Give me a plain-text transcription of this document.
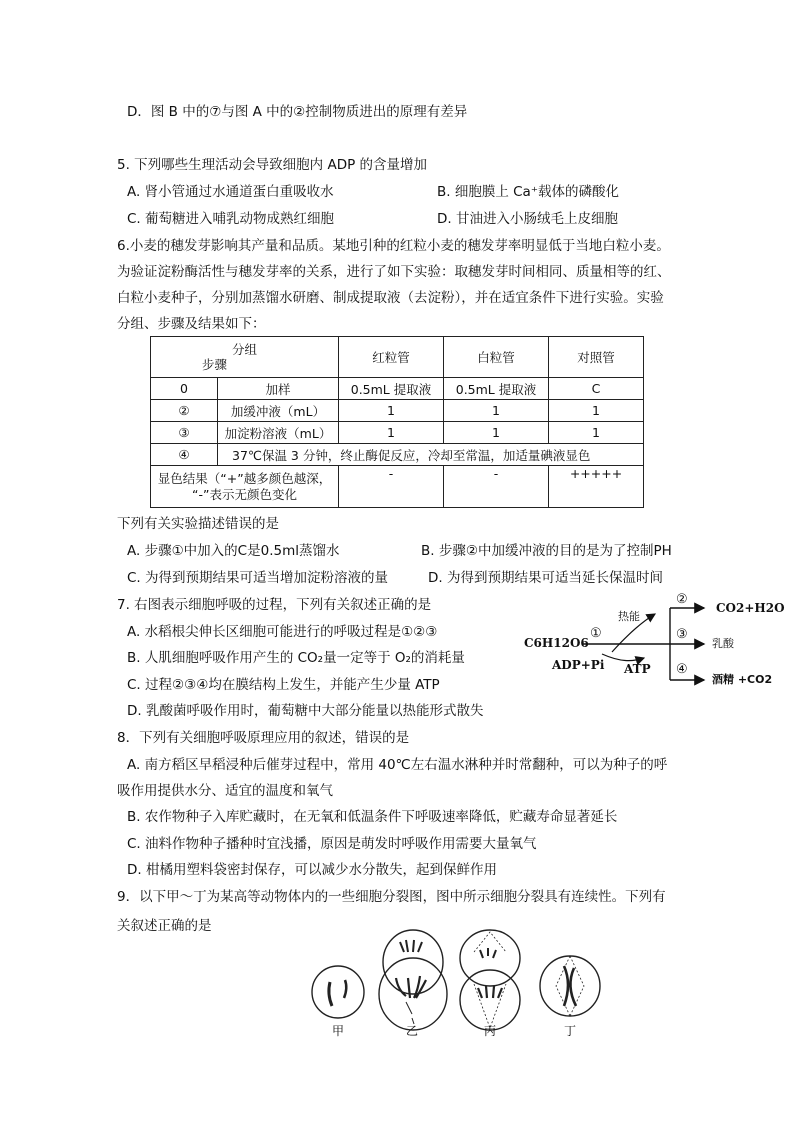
D．图 B 中的⑦与图 A 中的②控制物质进出的原理有差异
5. 下列哪些生理活动会导致细胞内 ADP 的含量增加
A. 肾小管通过水通道蛋白重吸收水	B. 细胞膜上 Ca⁺载体的磷酸化
C. 葡萄糖进入哺乳动物成熟红细胞	D. 甘油进入小肠绒毛上皮细胞
6.小麦的穗发芽影响其产量和品质。某地引种的红粒小麦的穗发芽率明显低于当地白粒小麦。
为验证淀粉酶活性与穗发芽率的关系，进行了如下实验：取穗发芽时间相同、质量相等的红、
白粒小麦种子，分别加蒸馏水研磨、制成提取液（去淀粉），并在适宜条件下进行实验。实验
分组、步骤及结果如下：
分组
步骤		红粒管	白粒管	对照管
0	加样	0.5mL 提取液	0.5mL 提取液	C
②	加缓冲液（mL）	1	1	1
③	加淀粉溶液（mL）	1	1	1
④	37℃保温 3 分钟，终止酶促反应，冷却至常温，加适量碘液显色			

显色结果（“+”越多颜色越深，
“-”表示无颜色变化		-	-	+++++
下列有关实验描述错误的是
A. 步骤①中加入的C是0.5ml蒸馏水	B. 步骤②中加缓冲液的目的是为了控制PH
C. 为得到预期结果可适当增加淀粉溶液的量	D. 为得到预期结果可适当延长保温时间
7. 右图表示细胞呼吸的过程，下列有关叙述正确的是
A. 水稻根尖伸长区细胞可能进行的呼吸过程是①②③
B. 人肌细胞呼吸作用产生的 CO₂量一定等于 O₂的消耗量
C. 过程②③④均在膜结构上发生，并能产生少量 ATP
D. 乳酸菌呼吸作用时，葡萄糖中大部分能量以热能形式散失
C6H12O6
ADP+Pi ATP
热能
①
②
③
④
CO2+H2O
乳酸
酒精 +CO2
8．下列有关细胞呼吸原理应用的叙述，错误的是
A. 南方稻区早稻浸种后催芽过程中，常用 40℃左右温水淋种并时常翻种，可以为种子的呼
吸作用提供水分、适宜的温度和氧气
B. 农作物种子入库贮藏时，在无氧和低温条件下呼吸速率降低，贮藏寿命显著延长
C. 油料作物种子播种时宜浅播，原因是萌发时呼吸作用需要大量氧气
D. 柑橘用塑料袋密封保存，可以减少水分散失，起到保鲜作用
9．以下甲～丁为某高等动物体内的一些细胞分裂图，图中所示细胞分裂具有连续性。下列有
关叙述正确的是
甲	乙	丙	丁
